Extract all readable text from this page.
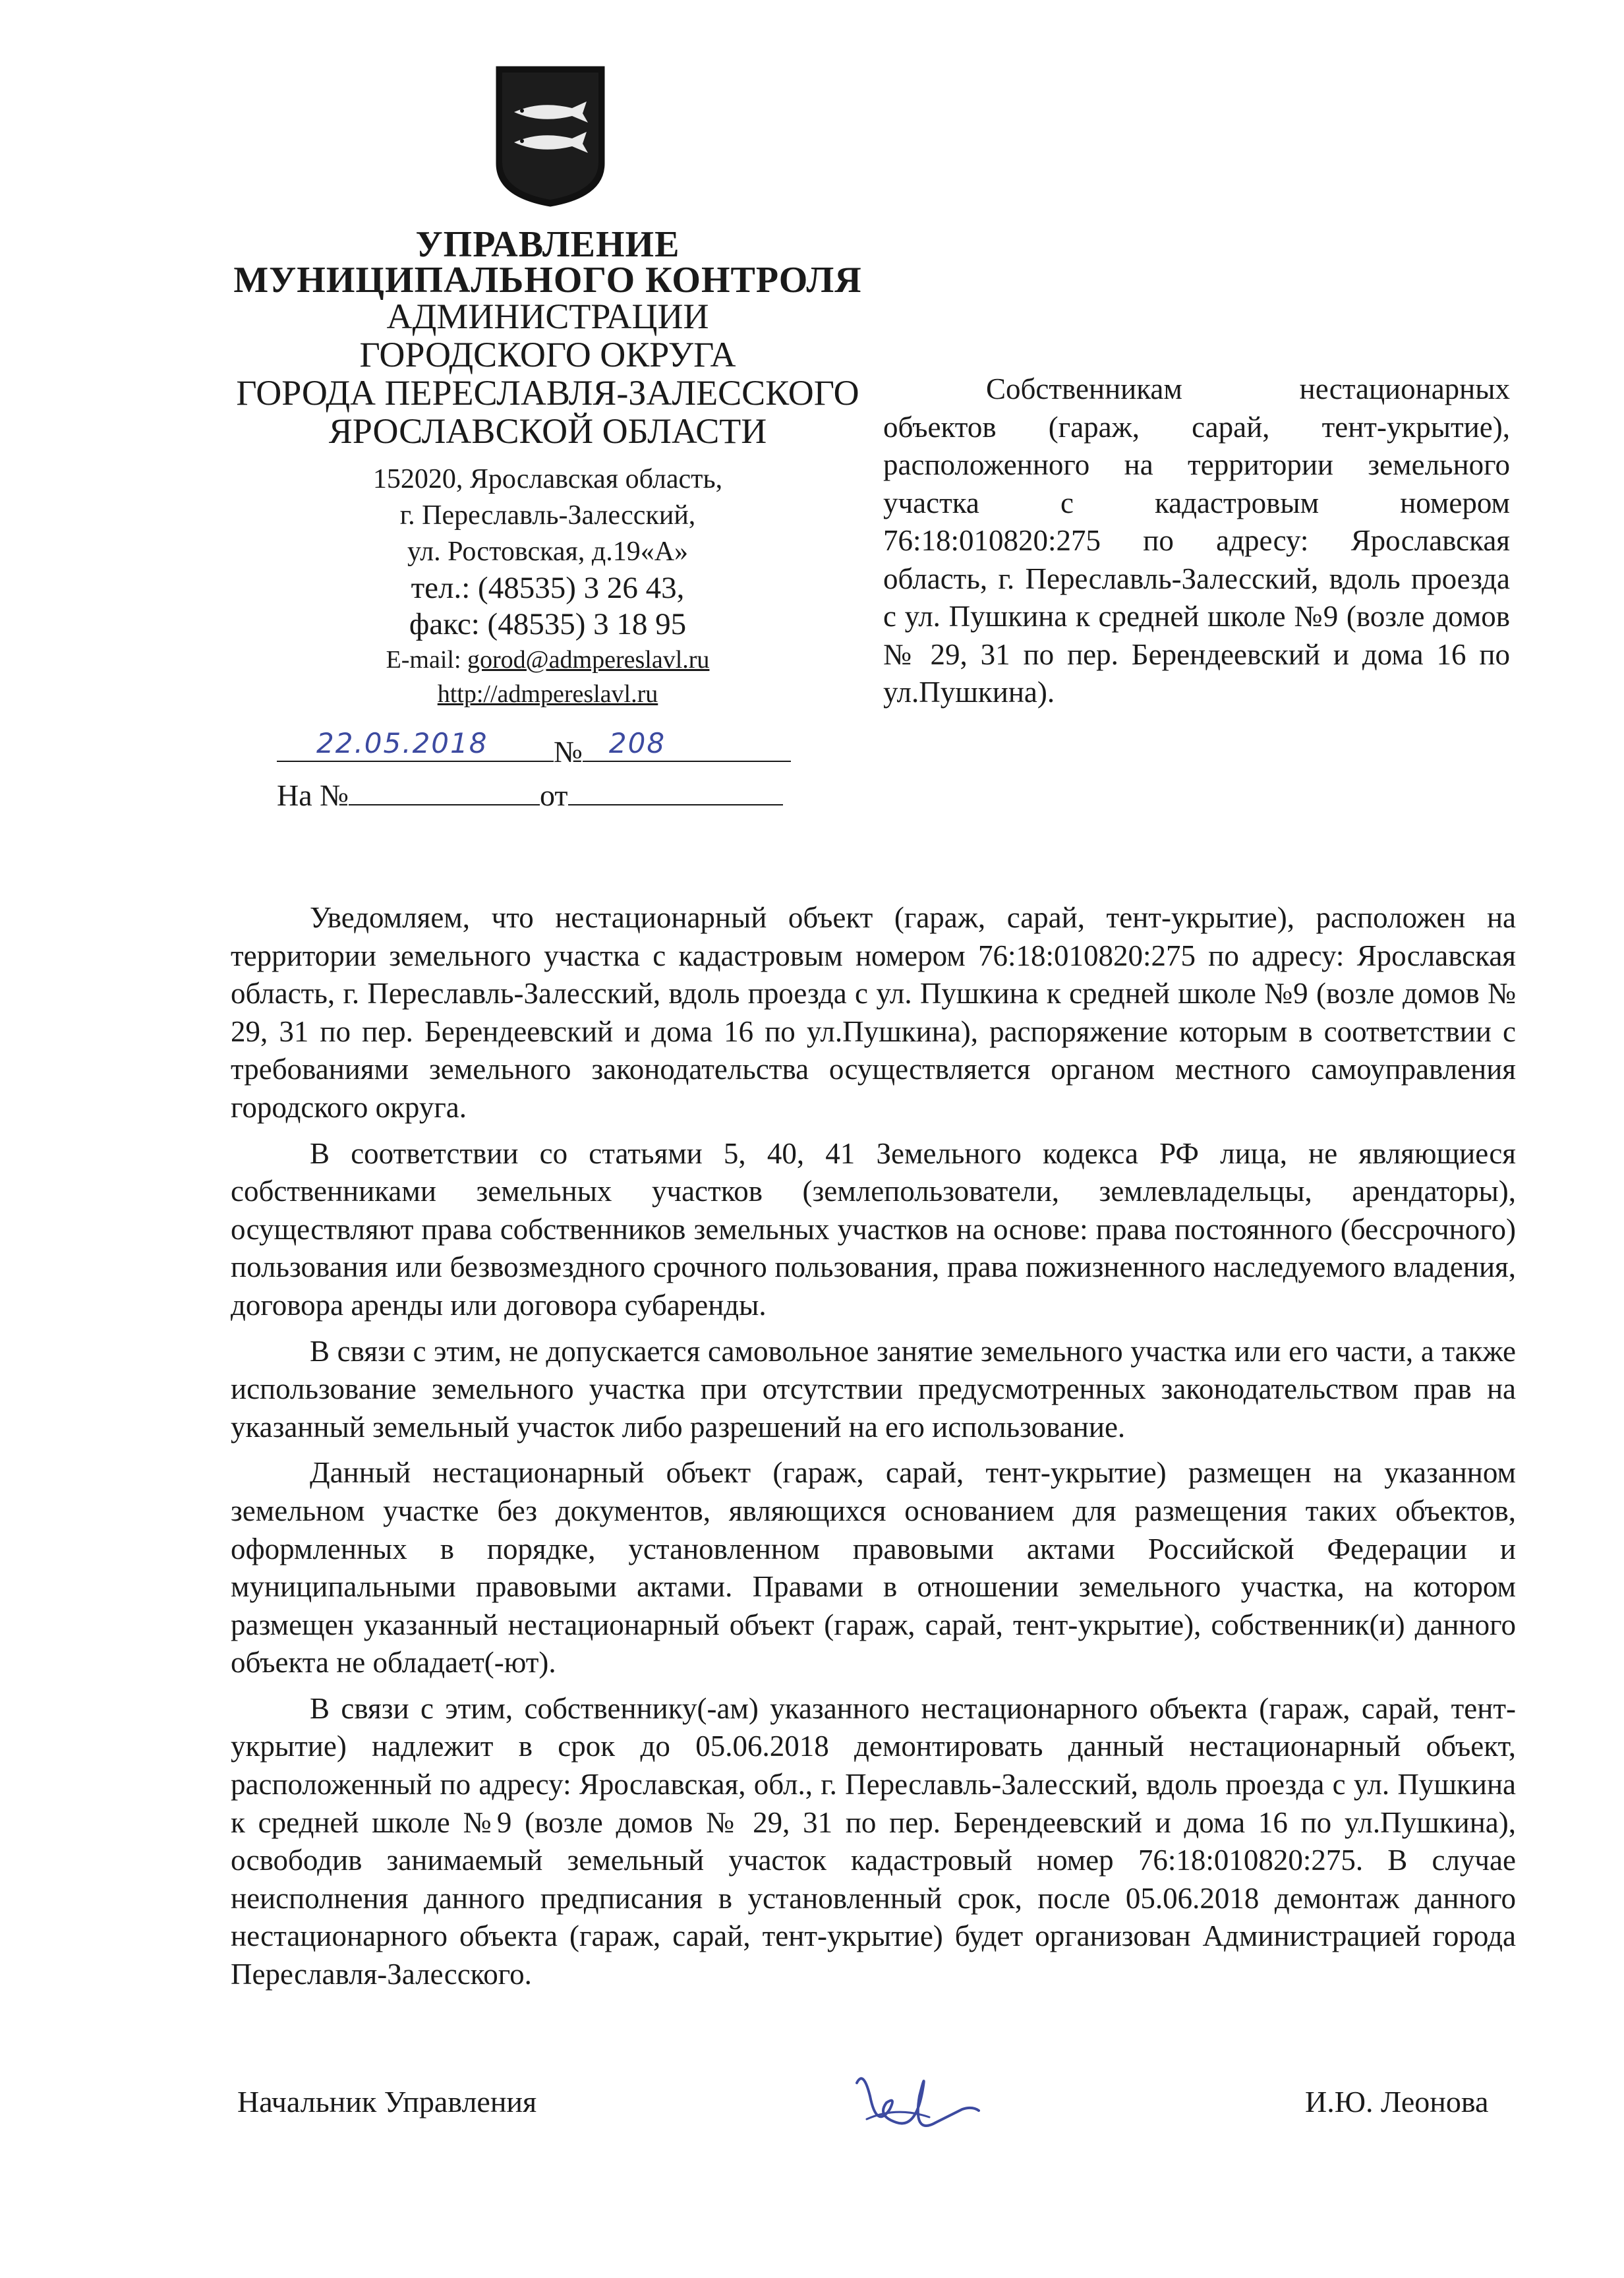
УПРАВЛЕНИЕ
МУНИЦИПАЛЬНОГО КОНТРОЛЯ
АДМИНИСТРАЦИИ
ГОРОДСКОГО ОКРУГА
ГОРОДА ПЕРЕСЛАВЛЯ-ЗАЛЕССКОГО
ЯРОСЛАВСКОЙ ОБЛАСТИ
152020, Ярославская область,
г. Переславль-Залесский,
ул. Ростовская, д.19«А»
тел.: (48535) 3 26 43,
факс: (48535) 3 18 95
E-mail: gorod@admpereslavl.ru
http://admpereslavl.ru
22.05.2018 № 208
На №	от
Собственникам	нестационарных объектов (гараж, сарай, тент-укрытие), расположенного на территории земельного участка с кадастровым номером 76:18:010820:275 по адресу: Ярославская область, г. Переславль-Залесский, вдоль проезда с ул. Пушкина к средней школе №9 (возле домов № 29, 31 по пер. Берендеевский и дома 16 по ул.Пушкина).

Уведомляем, что нестационарный объект (гараж, сарай, тент-укрытие), расположен на территории земельного участка с кадастровым номером 76:18:010820:275 по адресу: Ярославская область, г. Переславль-Залесский, вдоль проезда с ул. Пушкина к средней школе №9 (возле домов № 29, 31 по пер. Берендеевский и дома 16 по ул.Пушкина), распоряжение которым в соответствии с требованиями земельного законодательства осуществляется органом местного самоуправления городского округа.

В соответствии со статьями 5, 40, 41 Земельного кодекса РФ лица, не являющиеся собственниками земельных участков (землепользователи, землевладельцы, арендаторы), осуществляют права собственников земельных участков на основе: права постоянного (бессрочного) пользования или безвозмездного срочного пользования, права пожизненного наследуемого владения, договора аренды или договора субаренды.

В связи с этим, не допускается самовольное занятие земельного участка или его части, а также использование земельного участка при отсутствии предусмотренных законодательством прав на указанный земельный участок либо разрешений на его использование.

Данный нестационарный объект (гараж, сарай, тент-укрытие) размещен на указанном земельном участке без документов, являющихся основанием для размещения таких объектов, оформленных в порядке, установленном правовыми актами Российской Федерации и муниципальными правовыми актами. Правами в отношении земельного участка, на котором размещен указанный нестационарный объект (гараж, сарай, тент-укрытие), собственник(и) данного объекта не обладает(-ют).

В связи с этим, собственнику(-ам) указанного нестационарного объекта (гараж, сарай, тент-укрытие) надлежит в срок до 05.06.2018 демонтировать данный нестационарный объект, расположенный по адресу: Ярославская, обл., г. Переславль-Залесский, вдоль проезда с ул. Пушкина к средней школе №9 (возле домов № 29, 31 по пер. Берендеевский и дома 16 по ул.Пушкина), освободив занимаемый земельный участок кадастровый номер 76:18:010820:275. В случае неисполнения данного предписания в установленный срок, после 05.06.2018 демонтаж данного нестационарного объекта (гараж, сарай, тент-укрытие) будет организован Администрацией города Переславля-Залесского.

Начальник Управления	И.Ю. Леонова
